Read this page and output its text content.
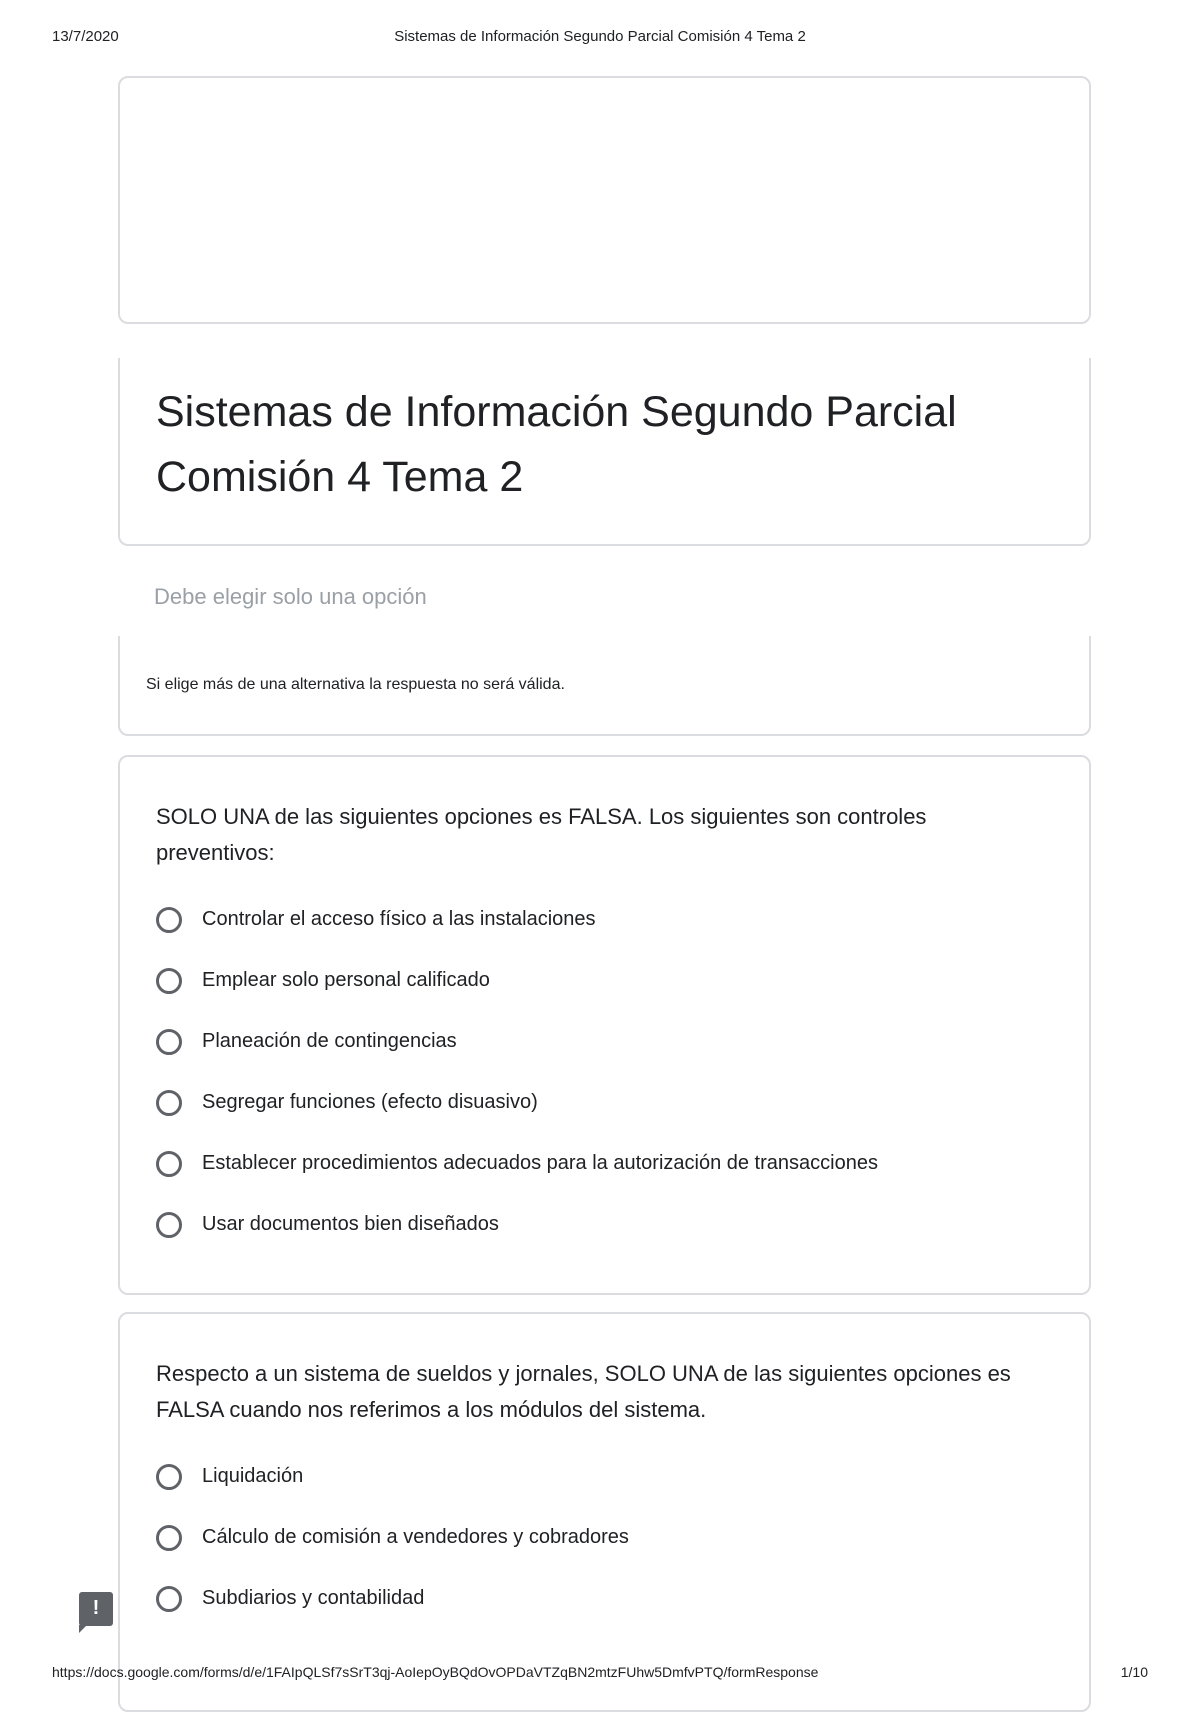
13/7/2020	Sistemas de Información Segundo Parcial Comisión 4 Tema 2
Sistemas de Información Segundo Parcial Comisión 4 Tema 2
Debe elegir solo una opción
Si elige más de una alternativa la respuesta no será válida.
SOLO UNA de las siguientes opciones es FALSA. Los siguientes son controles preventivos:
Controlar el acceso físico a las instalaciones
Emplear solo personal calificado
Planeación de contingencias
Segregar funciones (efecto disuasivo)
Establecer procedimientos adecuados para la autorización de transacciones
Usar documentos bien diseñados
Respecto a un sistema de sueldos y jornales, SOLO UNA de las siguientes opciones es FALSA cuando nos referimos a los módulos del sistema.
Liquidación
Cálculo de comisión a vendedores y cobradores
Subdiarios y contabilidad
!
https://docs.google.com/forms/d/e/1FAIpQLSf7sSrT3qj-AoIepOyBQdOvOPDaVTZqBN2mtzFUhw5DmfvPTQ/formResponse	1/10
